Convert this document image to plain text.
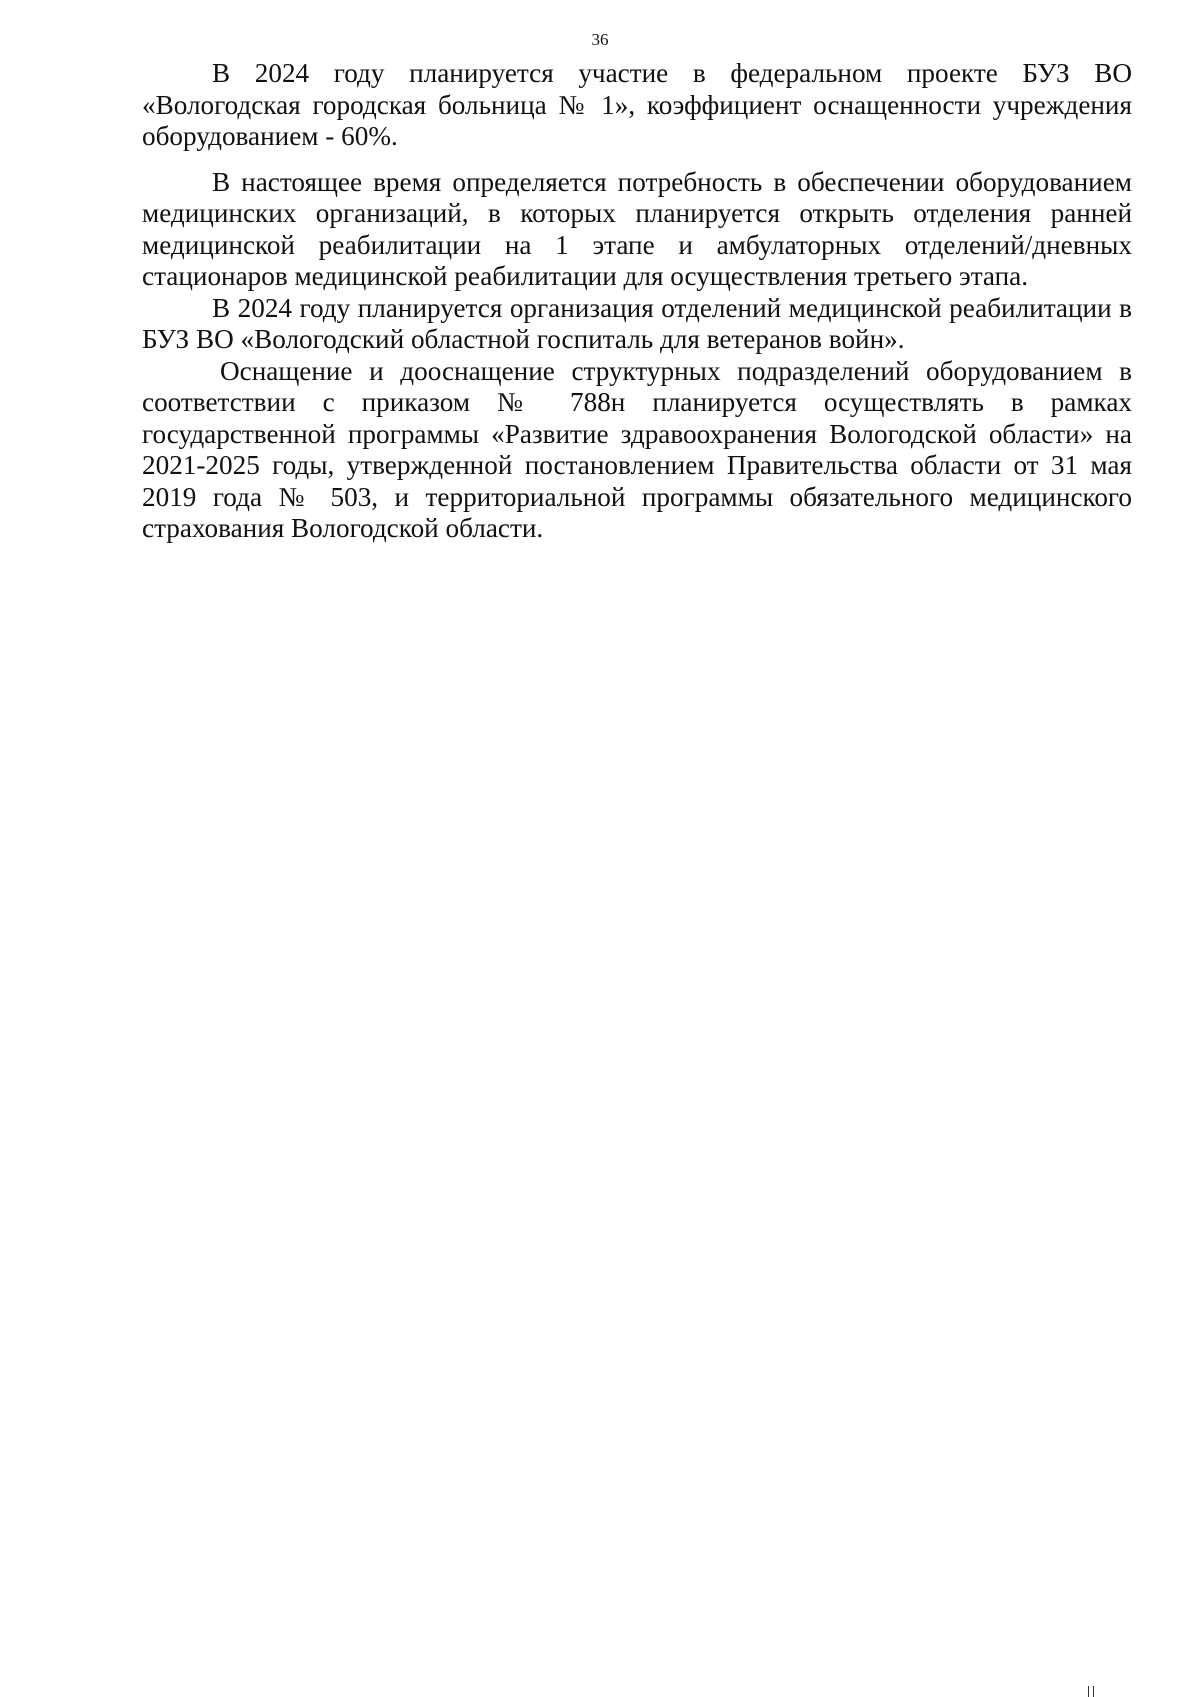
36

В 2024 году планируется участие в федеральном проекте БУЗ ВО «Вологодская городская больница № 1», коэффициент оснащенности учреждения оборудованием - 60%.

В настоящее время определяется потребность в обеспечении оборудованием медицинских организаций, в которых планируется открыть отделения ранней медицинской реабилитации на 1 этапе и амбулаторных отделений/дневных стационаров медицинской реабилитации для осуществления третьего этапа.

В 2024 году планируется организация отделений медицинской реабилитации в БУЗ ВО «Вологодский областной госпиталь для ветеранов войн».

Оснащение и дооснащение структурных подразделений оборудованием в соответствии с приказом № 788н планируется осуществлять в рамках государственной программы «Развитие здравоохранения Вологодской области» на 2021-2025 годы, утвержденной постановлением Правительства области от 31 мая 2019 года № 503, и территориальной программы обязательного медицинского страхования Вологодской области.
